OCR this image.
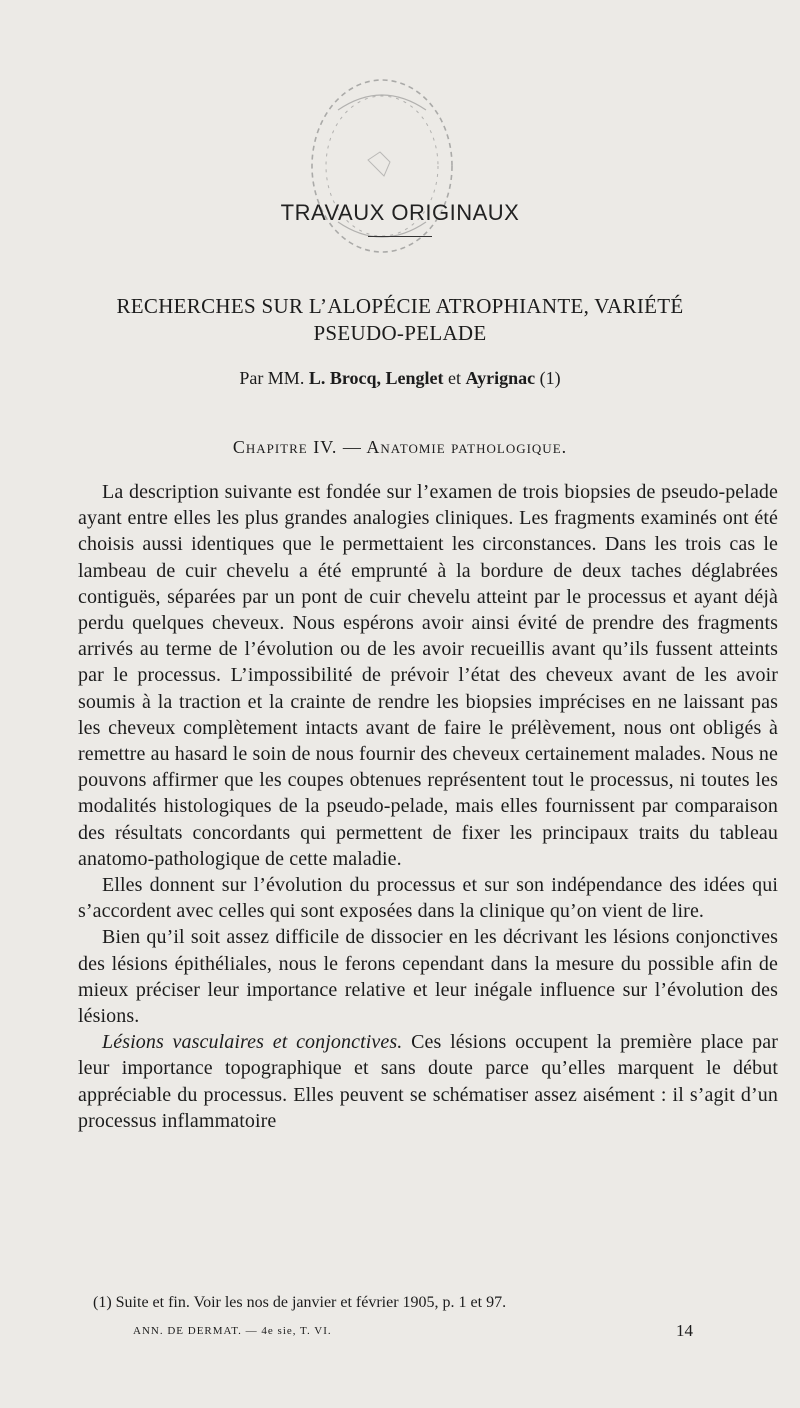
TRAVAUX ORIGINAUX
RECHERCHES SUR L’ALOPÉCIE ATROPHIANTE, VARIÉTÉ PSEUDO-PELADE
Par MM. L. Brocq, Lenglet et Ayrignac (1)
Chapitre IV. — Anatomie pathologique.

La description suivante est fondée sur l’examen de trois biopsies de pseudo-pelade ayant entre elles les plus grandes analogies cliniques. Les fragments examinés ont été choisis aussi identiques que le permettaient les circonstances. Dans les trois cas le lambeau de cuir chevelu a été emprunté à la bordure de deux taches déglabrées contiguës, séparées par un pont de cuir chevelu atteint par le processus et ayant déjà perdu quelques cheveux. Nous espérons avoir ainsi évité de prendre des fragments arrivés au terme de l’évolution ou de les avoir recueillis avant qu’ils fussent atteints par le processus. L’impossibilité de prévoir l’état des cheveux avant de les avoir soumis à la traction et la crainte de rendre les biopsies imprécises en ne laissant pas les cheveux complètement intacts avant de faire le prélèvement, nous ont obligés à remettre au hasard le soin de nous fournir des cheveux certainement malades. Nous ne pouvons affirmer que les coupes obtenues représentent tout le processus, ni toutes les modalités histologiques de la pseudo-pelade, mais elles fournissent par comparaison des résultats concordants qui permettent de fixer les principaux traits du tableau anatomo-pathologique de cette maladie.

Elles donnent sur l’évolution du processus et sur son indépendance des idées qui s’accordent avec celles qui sont exposées dans la clinique qu’on vient de lire.

Bien qu’il soit assez difficile de dissocier en les décrivant les lésions conjonctives des lésions épithéliales, nous le ferons cependant dans la mesure du possible afin de mieux préciser leur importance relative et leur inégale influence sur l’évolution des lésions.

Lésions vasculaires et conjonctives. Ces lésions occupent la première place par leur importance topographique et sans doute parce qu’elles marquent le début appréciable du processus. Elles peuvent se schématiser assez aisément : il s’agit d’un processus inflammatoire

(1) Suite et fin. Voir les nos de janvier et février 1905, p. 1 et 97.
ANN. DE DERMAT. — 4e sie, T. VI.	14
